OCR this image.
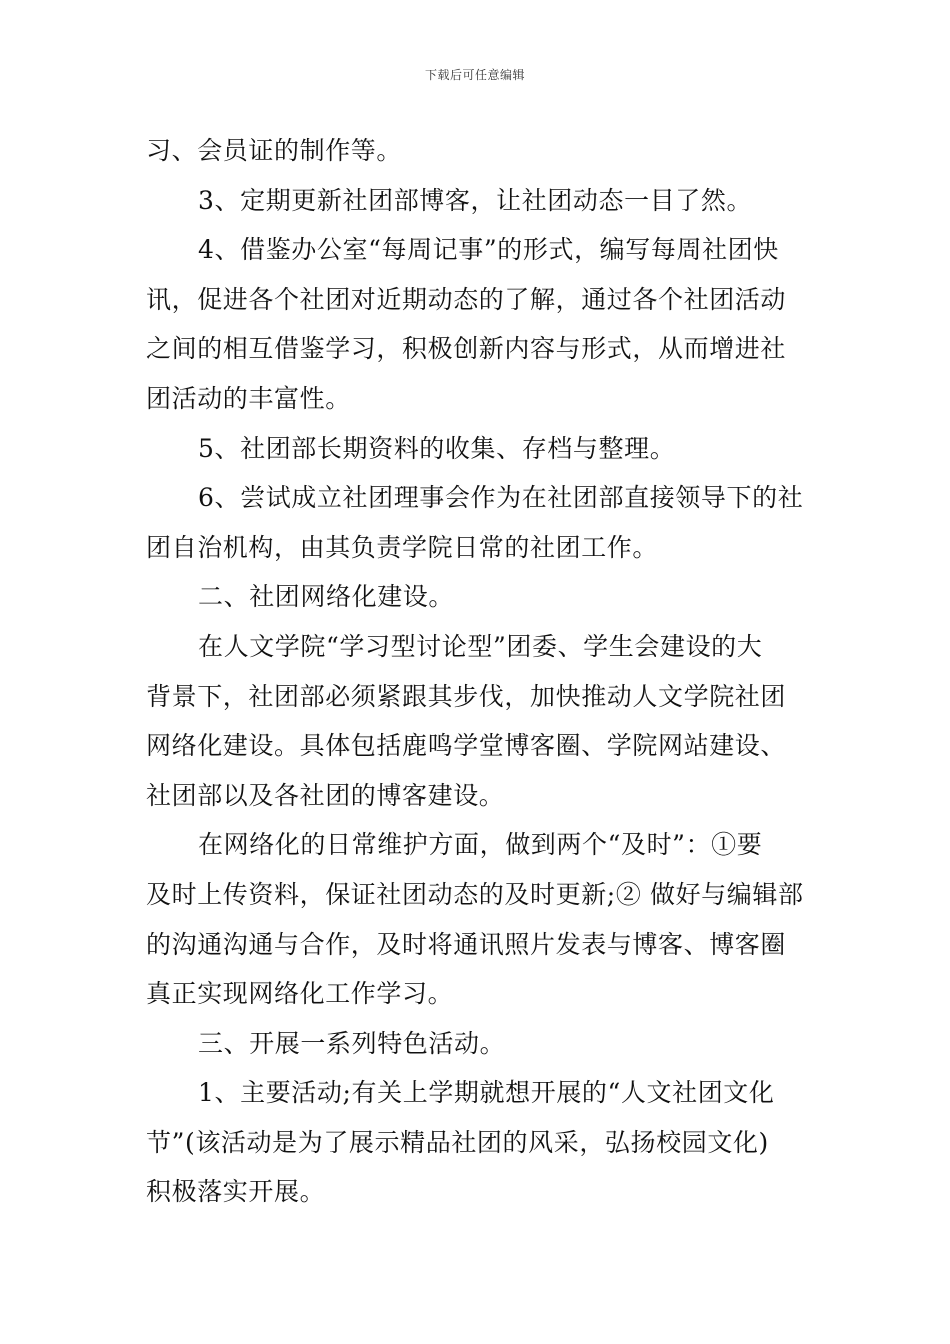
下载后可任意编辑
习、会员证的制作等。
3、定期更新社团部博客，让社团动态一目了然。
4、借鉴办公室“每周记事”的形式，编写每周社团快
讯，促进各个社团对近期动态的了解，通过各个社团活动
之间的相互借鉴学习，积极创新内容与形式，从而增进社
团活动的丰富性。
5、社团部长期资料的收集、存档与整理。
6、尝试成立社团理事会作为在社团部直接领导下的社
团自治机构，由其负责学院日常的社团工作。
二、社团网络化建设。
在人文学院“学习型讨论型”团委、学生会建设的大
背景下，社团部必须紧跟其步伐，加快推动人文学院社团
网络化建设。具体包括鹿鸣学堂博客圈、学院网站建设、
社团部以及各社团的博客建设。
在网络化的日常维护方面，做到两个“及时”：①要
及时上传资料，保证社团动态的及时更新;② 做好与编辑部
的沟通沟通与合作，及时将通讯照片发表与博客、博客圈
真正实现网络化工作学习。
三、开展一系列特色活动。
1、主要活动;有关上学期就想开展的“人文社团文化
节”(该活动是为了展示精品社团的风采，弘扬校园文化)
积极落实开展。
